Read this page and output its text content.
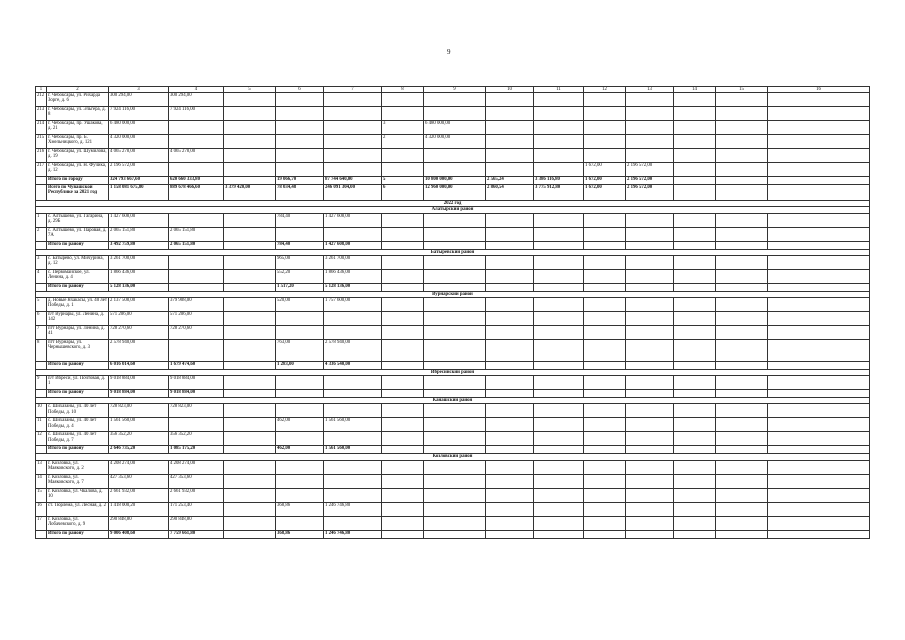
9
1	2	3	4	5	6	7	8	9	10	11	12	13	14	15	16
212	г. Чебоксары, ул. Рихарда Зорге, д. 6	300 294,00	300 294,00												
213	г. Чебоксары, ул. Эльгера, д. 8	7 924 116,00	7 924 116,00												
214	г. Чебоксары, пр. Ушакова, д. 21	6 480 000,00					3	6 480 000,00							
215	г. Чебоксары, пр. Б. Хмельницкого, д. 121	4 320 000,00					2	4 320 000,00							
216	г. Чебоксары, ул. Шумилова, д. 19	4 065 278,00	4 065 278,00												
217	г. Чебоксары, ул. Н. Фучика, д. 12	2 196 572,00									1 672,00	2 196 572,00			
	Итого по городу	324 793 667,60	620 660 333,80		19 066,70	87 744 640,00	5	10 800 000,00	2 565,24	3 386 116,80	1 672,00	2 196 572,00			
	Всего по Чувашской Республике за 2021 год	1 158 081 675,80	889 678 466,60	3 379 420,00	78 034,48	246 091 304,00	6	12 960 000,00	2 860,54	3 775 912,80	1 672,00	2 196 572,00			
2022 год															
Алатырский район															
1	с. Алтышево, ул. Гагарина, д. 29Б	1 427 608,00			784,40	1 427 608,00									
2	с. Алтышево, ул. Паровая, д. 7А	2 065 151,80	2 065 151,80												
	Итого по району	3 492 759,80	2 065 151,80		784,40	1 427 608,00									
Батыревский район															
3	с. Батырево, ул. Мичурина, д. 12	3 261 700,00			965,00	3 261 700,00									
4	с. Первомайское, ул. Ленина, д. 4	1 866 436,00			552,20	1 866 436,00									
	Итого по району	5 128 136,00			1 517,20	5 128 136,00									
Вурнарский район															
5	д. Новые Яхакасы, ул. 40 лет Победы, д. 1	2 137 508,00	379 908,00		520,00	1 757 600,00									
6	п/т Вурнары, ул. Ленина, д. 142	571 206,00	571 206,00												
7	пгт Вурнары, ул. Ленина, д. 41	728 270,60	728 270,60												
8	пгт Вурнары, ул. Чернышевского, д. 3	2 578 940,00			763,00	2 578 940,00									
	Итого по району	6 016 014,60	1 679 474,60		1 283,00	4 336 540,00									
Ибресинский район															
9	п/т Ибреси, ул. Почтовая, д. 1	9 018 884,00	9 018 884,00												
	Итого по району	9 018 884,00	9 018 884,00												
Канашский район															
10	с. Шихазаны, ул. 40 лет Победы, д. 10	728 823,00	728 823,00												
11	с. Шихазаны, ул. 40 лет Победы, д. 4	1 561 560,00			462,00	1 561 560,00									
12	с. Шихазаны, ул. 40 лет Победы, д. 7	356 352,20	356 352,20												
	Итого по району	2 646 735,20	1 085 175,20		462,00	1 561 560,00									
Козловский район															
13	г. Козловка, ул. Маяковского, д. 2	4 208 274,00	4 208 274,00												
14	г. Козловка, ул. Маяковского, д. 7	427 353,60	427 353,60												
15	г. Козловка, ул. Чкалова, д. 10	2 661 932,00	2 661 932,00												
16	ст. Тюрлема, ул. Лесная, д. 2	1 418 000,20	171 253,40		368,86	1 246 746,80									
17	г. Козловка, ул. Лобачевского, д. 9	290 848,80	290 848,80												
	Итого по району	9 006 408,60	7 759 661,80		368,86	1 246 746,80									
